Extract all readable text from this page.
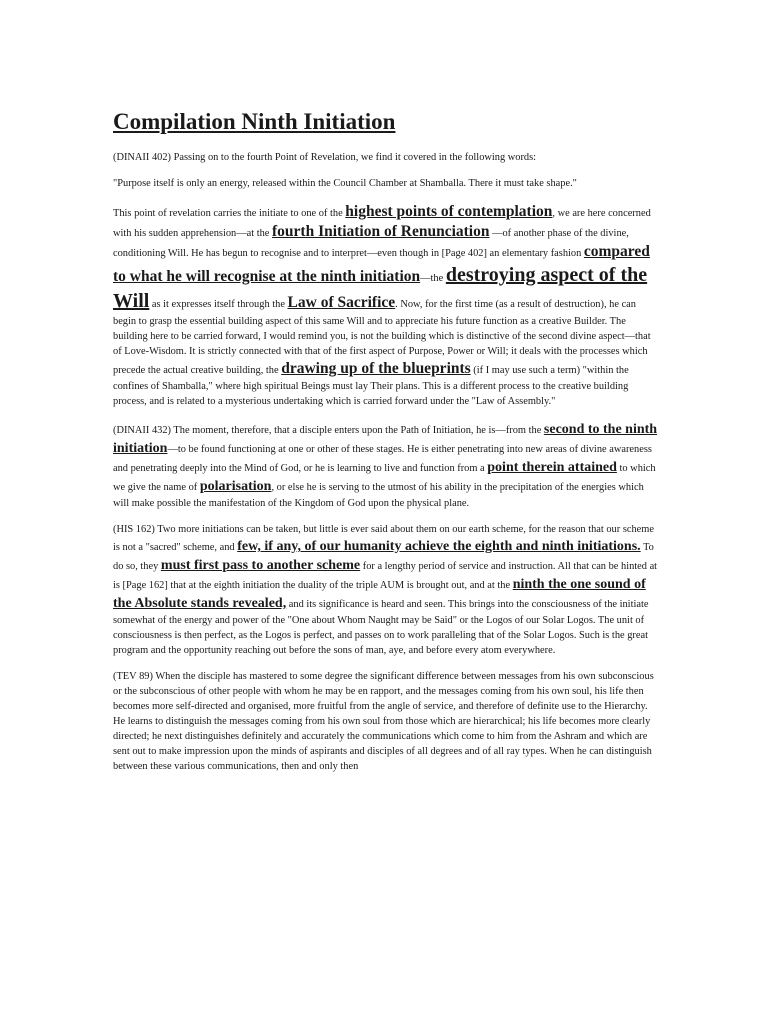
Compilation Ninth Initiation

(DINAII 402) Passing on to the fourth Point of Revelation, we find it covered in the following words:

"Purpose itself is only an energy, released within the Council Chamber at Shamballa. There it must take shape."

This point of revelation carries the initiate to one of the highest points of contemplation, we are here concerned with his sudden apprehension—at the fourth Initiation of Renunciation —of another phase of the divine, conditioning Will. He has begun to recognise and to interpret—even though in [Page 402] an elementary fashion compared to what he will recognise at the ninth initiation—the destroying aspect of the Will as it expresses itself through the Law of Sacrifice. Now, for the first time (as a result of destruction), he can begin to grasp the essential building aspect of this same Will and to appreciate his future function as a creative Builder. The building here to be carried forward, I would remind you, is not the building which is distinctive of the second divine aspect—that of Love-Wisdom. It is strictly connected with that of the first aspect of Purpose, Power or Will; it deals with the processes which precede the actual creative building, the drawing up of the blueprints (if I may use such a term) "within the confines of Shamballa," where high spiritual Beings must lay Their plans. This is a different process to the creative building process, and is related to a mysterious undertaking which is carried forward under the "Law of Assembly."

(DINAII 432) The moment, therefore, that a disciple enters upon the Path of Initiation, he is—from the second to the ninth initiation—to be found functioning at one or other of these stages. He is either penetrating into new areas of divine awareness and penetrating deeply into the Mind of God, or he is learning to live and function from a point therein attained to which we give the name of polarisation, or else he is serving to the utmost of his ability in the precipitation of the energies which will make possible the manifestation of the Kingdom of God upon the physical plane.

(HIS 162) Two more initiations can be taken, but little is ever said about them on our earth scheme, for the reason that our scheme is not a "sacred" scheme, and few, if any, of our humanity achieve the eighth and ninth initiations. To do so, they must first pass to another scheme for a lengthy period of service and instruction. All that can be hinted at is [Page 162] that at the eighth initiation the duality of the triple AUM is brought out, and at the ninth the one sound of the Absolute stands revealed, and its significance is heard and seen. This brings into the consciousness of the initiate somewhat of the energy and power of the "One about Whom Naught may be Said" or the Logos of our Solar Logos. The unit of consciousness is then perfect, as the Logos is perfect, and passes on to work paralleling that of the Solar Logos. Such is the great program and the opportunity reaching out before the sons of man, aye, and before every atom everywhere.

(TEV 89) When the disciple has mastered to some degree the significant difference between messages from his own subconscious or the subconscious of other people with whom he may be en rapport, and the messages coming from his own soul, his life then becomes more self-directed and organised, more fruitful from the angle of service, and therefore of definite use to the Hierarchy. He learns to distinguish the messages coming from his own soul from those which are hierarchical; his life becomes more clearly directed; he next distinguishes definitely and accurately the communications which come to him from the Ashram and which are sent out to make impression upon the minds of aspirants and disciples of all degrees and of all ray types. When he can distinguish between these various communications, then and only then
